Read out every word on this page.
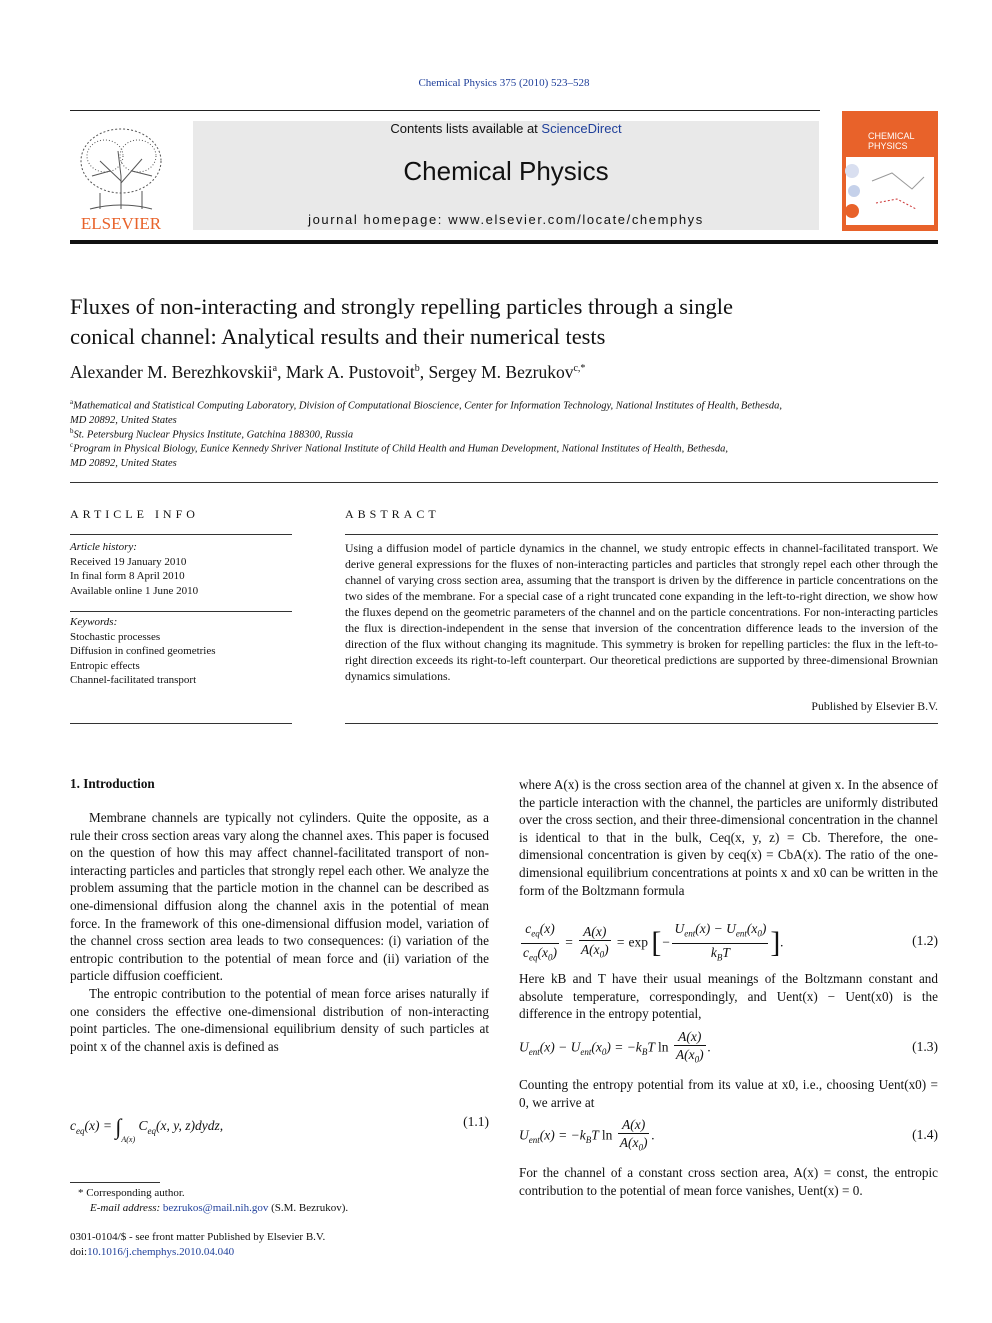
Chemical Physics 375 (2010) 523–528
ELSEVIER
Contents lists available at ScienceDirect
Chemical Physics
journal homepage: www.elsevier.com/locate/chemphys
CHEMICAL
PHYSICS
Fluxes of non-interacting and strongly repelling particles through a single
conical channel: Analytical results and their numerical tests
Alexander M. Berezhkovskii$^a$, Mark A. Pustovoit$^b$, Sergey M. Bezrukov$^{c,*}$
$^a$Mathematical and Statistical Computing Laboratory, Division of Computational Bioscience, Center for Information Technology, National Institutes of Health, Bethesda,
MD 20892, United States
$^b$St. Petersburg Nuclear Physics Institute, Gatchina 188300, Russia
$^c$Program in Physical Biology, Eunice Kennedy Shriver National Institute of Child Health and Human Development, National Institutes of Health, Bethesda,
MD 20892, United States
ARTICLE INFO
Article history:
Received 19 January 2010
In final form 8 April 2010
Available online 1 June 2010
Keywords:
Stochastic processes
Diffusion in confined geometries
Entropic effects
Channel-facilitated transport
ABSTRACT
Using a diffusion model of particle dynamics in the channel, we study entropic effects in channel-facilitated transport. We derive general expressions for the fluxes of non-interacting particles and particles that strongly repel each other through the channel of varying cross section area, assuming that the transport is driven by the difference in particle concentrations on the two sides of the membrane. For a special case of a right truncated cone expanding in the left-to-right direction, we show how the fluxes depend on the geometric parameters of the channel and on the particle concentrations. For non-interacting particles the flux is direction-independent in the sense that inversion of the concentration difference leads to the inversion of the direction of the flux without changing its magnitude. This symmetry is broken for repelling particles: the flux in the left-to-right direction exceeds its right-to-left counterpart. Our theoretical predictions are supported by three-dimensional Brownian dynamics simulations.
Published by Elsevier B.V.
1. Introduction

Membrane channels are typically not cylinders. Quite the opposite, as a rule their cross section areas vary along the channel axes. This paper is focused on the question of how this may affect channel-facilitated transport of non-interacting particles and particles that strongly repel each other. We analyze the problem assuming that the particle motion in the channel can be described as one-dimensional diffusion along the channel axis in the potential of mean force. In the framework of this one-dimensional diffusion model, variation of the channel cross section area leads to two consequences: (i) variation of the entropic contribution to the potential of mean force and (ii) variation of the particle diffusion coefficient.

The entropic contribution to the potential of mean force arises naturally if one considers the effective one-dimensional distribution of non-interacting point particles. The one-dimensional equilibrium density of such particles at point x of the channel axis is defined as

$c_{eq}(x) = \int_{A(x)}$ $C_{eq}(x$, y, z)dydz,	(1.1)
* Corresponding author.
E-mail address: bezrukos@mail.nih.gov (S.M. Bezrukov).
0301-0104/$ - see front matter Published by Elsevier B.V.
doi:10.1016/j.chemphys.2010.04.040

where A(x) is the cross section area of the channel at given x. In the absence of the particle interaction with the channel, the particles are uniformly distributed over the cross section, and their three-dimensional concentration in the channel is identical to that in the bulk, Ceq(x, y, z) = Cb. Therefore, the one-dimensional concentration is given by ceq(x) = CbA(x). The ratio of the one-dimensional equilibrium concentrations at points x and x0 can be written in the form of the Boltzmann formula

$\frac{c_{eq}(x)}{c_{eq}(x_0)} = \frac{A(x)}{A(x_0)} = \exp$ [− $\frac{U_{ent}(x) - U_{ent}(x_0)}{k_BT}$ ].	(1.2)

Here kB and T have their usual meanings of the Boltzmann constant and absolute temperature, correspondingly, and Uent(x) − Uent(x0) is the difference in the entropy potential,

$U_{ent}(x) - U_{ent}(x_0) = -k_BT$ $\ln \frac{A(x)}{A(x_0)}$ .	(1.3)

Counting the entropy potential from its value at x0, i.e., choosing Uent(x0) = 0, we arrive at

$U_{ent}(x) = -k_BT$ $\ln \frac{A(x)}{A(x_0)}$ .	(1.4)

For the channel of a constant cross section area, A(x) = const, the entropic contribution to the potential of mean force vanishes, Uent(x) = 0.
